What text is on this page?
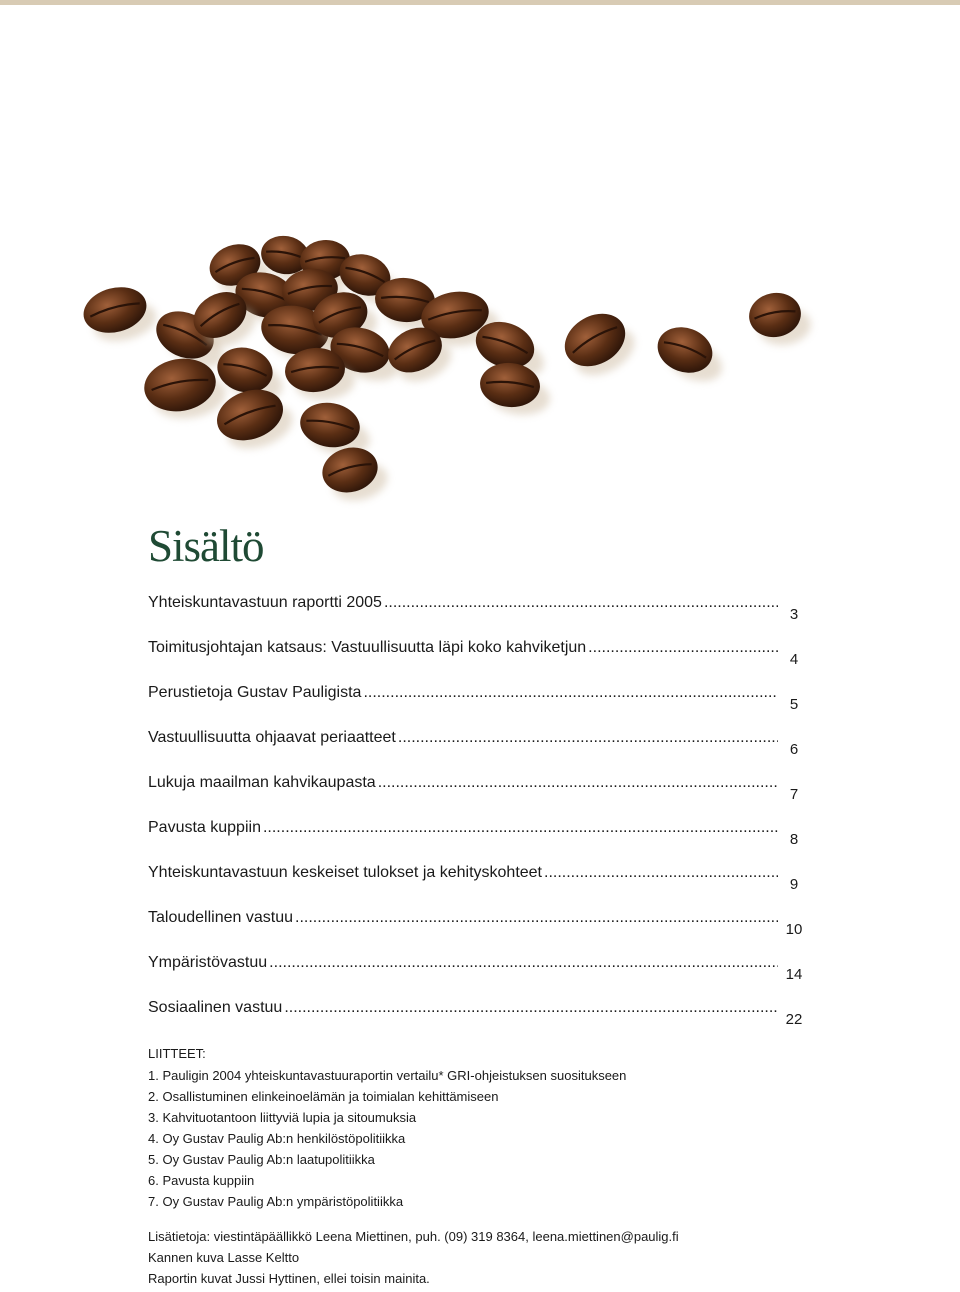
Sisältö
Yhteiskuntavastuun raportti 2005 .....
3
Toimitusjohtajan katsaus: Vastuullisuutta läpi koko kahviketjun .....
4
Perustietoja Gustav Pauligista .....
5
Vastuullisuutta ohjaavat periaatteet .....
6
Lukuja maailman kahvikaupasta .....
7
Pavusta kuppiin .....
8
Yhteiskuntavastuun keskeiset tulokset ja kehityskohteet .....
9
Taloudellinen vastuu .....
10
Ympäristövastuu .....
14
Sosiaalinen vastuu .....
22
LIITTEET:
1. Pauligin 2004 yhteiskuntavastuuraportin vertailu* GRI-ohjeistuksen suositukseen
2. Osallistuminen elinkeinoelämän ja toimialan kehittämiseen
3. Kahvituotantoon liittyviä lupia ja sitoumuksia
4. Oy Gustav Paulig Ab:n henkilöstöpolitiikka
5. Oy Gustav Paulig Ab:n laatupolitiikka
6. Pavusta kuppiin
7. Oy Gustav Paulig Ab:n ympäristöpolitiikka
Lisätietoja: viestintäpäällikkö Leena Miettinen, puh. (09) 319 8364, leena.miettinen@paulig.fi
Kannen kuva Lasse Keltto
Raportin kuvat Jussi Hyttinen, ellei toisin mainita.
